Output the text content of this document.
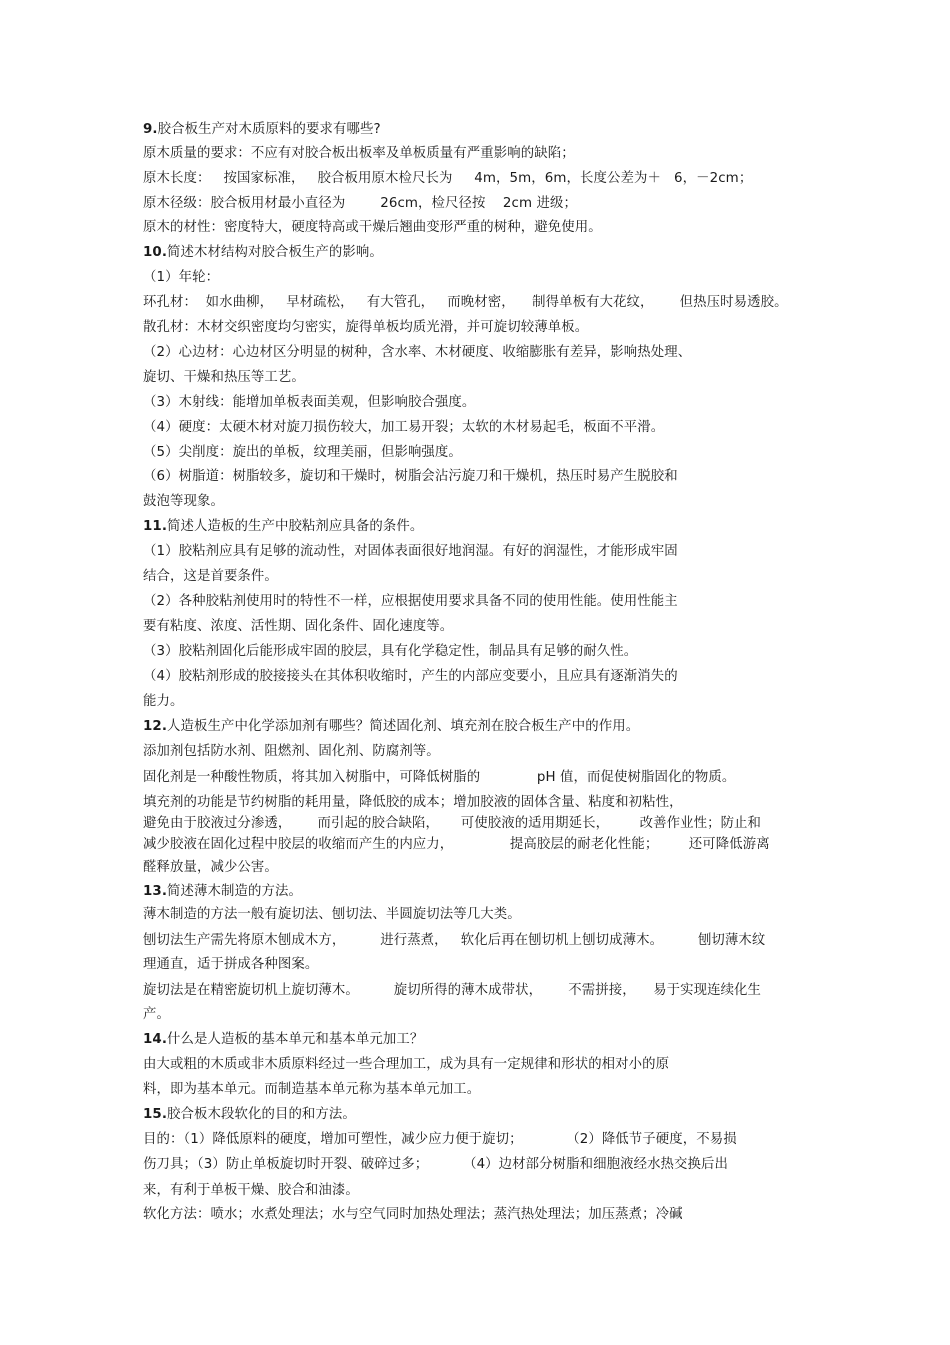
9.胶合板生产对木质原料的要求有哪些?
原木质量的要求：不应有对胶合板出板率及单板质量有严重影响的缺陷；
原木长度：   按国家标准，   胶合板用原木检尺长为     4m，5m，6m，长度公差为＋   6，－2cm；
原木径级：胶合板用材最小直径为        26cm，检尺径按    2cm 进级；
原木的材性：密度特大，硬度特高或干燥后翘曲变形严重的树种，避免使用。
10.简述木材结构对胶合板生产的影响。
（1）年轮：
环孔材：  如水曲柳，   早材疏松，   有大管孔，   而晚材密，    制得单板有大花纹，      但热压时易透胶。
散孔材：木材交织密度均匀密实，旋得单板均质光滑，并可旋切较薄单板。
（2）心边材：心边材区分明显的树种，含水率、木材硬度、收缩膨胀有差异，影响热处理、
旋切、干燥和热压等工艺。
（3）木射线：能增加单板表面美观，但影响胶合强度。
（4）硬度：太硬木材对旋刀损伤较大，加工易开裂；太软的木材易起毛，板面不平滑。
（5）尖削度：旋出的单板，纹理美丽，但影响强度。
（6）树脂道：树脂较多，旋切和干燥时，树脂会沾污旋刀和干燥机，热压时易产生脱胶和
鼓泡等现象。
11.简述人造板的生产中胶粘剂应具备的条件。
（1）胶粘剂应具有足够的流动性，对固体表面很好地润湿。有好的润湿性，才能形成牢固
结合，这是首要条件。
（2）各种胶粘剂使用时的特性不一样，应根据使用要求具备不同的使用性能。使用性能主
要有粘度、浓度、活性期、固化条件、固化速度等。
（3）胶粘剂固化后能形成牢固的胶层，具有化学稳定性，制品具有足够的耐久性。
（4）胶粘剂形成的胶接接头在其体积收缩时，产生的内部应变要小，且应具有逐渐消失的
能力。
12.人造板生产中化学添加剂有哪些？简述固化剂、填充剂在胶合板生产中的作用。
添加剂包括防水剂、阻燃剂、固化剂、防腐剂等。
固化剂是一种酸性物质，将其加入树脂中，可降低树脂的             pH 值，而促使树脂固化的物质。
填充剂的功能是节约树脂的耗用量，降低胶的成本；增加胶液的固体含量、粘度和初粘性，
避免由于胶液过分渗透，      而引起的胶合缺陷，     可使胶液的适用期延长，       改善作业性；防止和
减少胶液在固化过程中胶层的收缩而产生的内应力，             提高胶层的耐老化性能；       还可降低游离
醛释放量，减少公害。
13.简述薄木制造的方法。
薄木制造的方法一般有旋切法、刨切法、半圆旋切法等几大类。
刨切法生产需先将原木刨成木方，        进行蒸煮，   软化后再在刨切机上刨切成薄木。        刨切薄木纹
理通直，适于拼成各种图案。
旋切法是在精密旋切机上旋切薄木。        旋切所得的薄木成带状，      不需拼接，    易于实现连续化生
产。
14.什么是人造板的基本单元和基本单元加工？
由大或粗的木质或非木质原料经过一些合理加工，成为具有一定规律和形状的相对小的原
料，即为基本单元。而制造基本单元称为基本单元加工。
15.胶合板木段软化的目的和方法。
目的：（1）降低原料的硬度，增加可塑性，减少应力便于旋切；          （2）降低节子硬度，不易损
伤刀具；（3）防止单板旋切时开裂、破碎过多；        （4）边材部分树脂和细胞液经水热交换后出
来，有利于单板干燥、胶合和油漆。
软化方法：喷水；水煮处理法；水与空气同时加热处理法；蒸汽热处理法；加压蒸煮；冷碱
